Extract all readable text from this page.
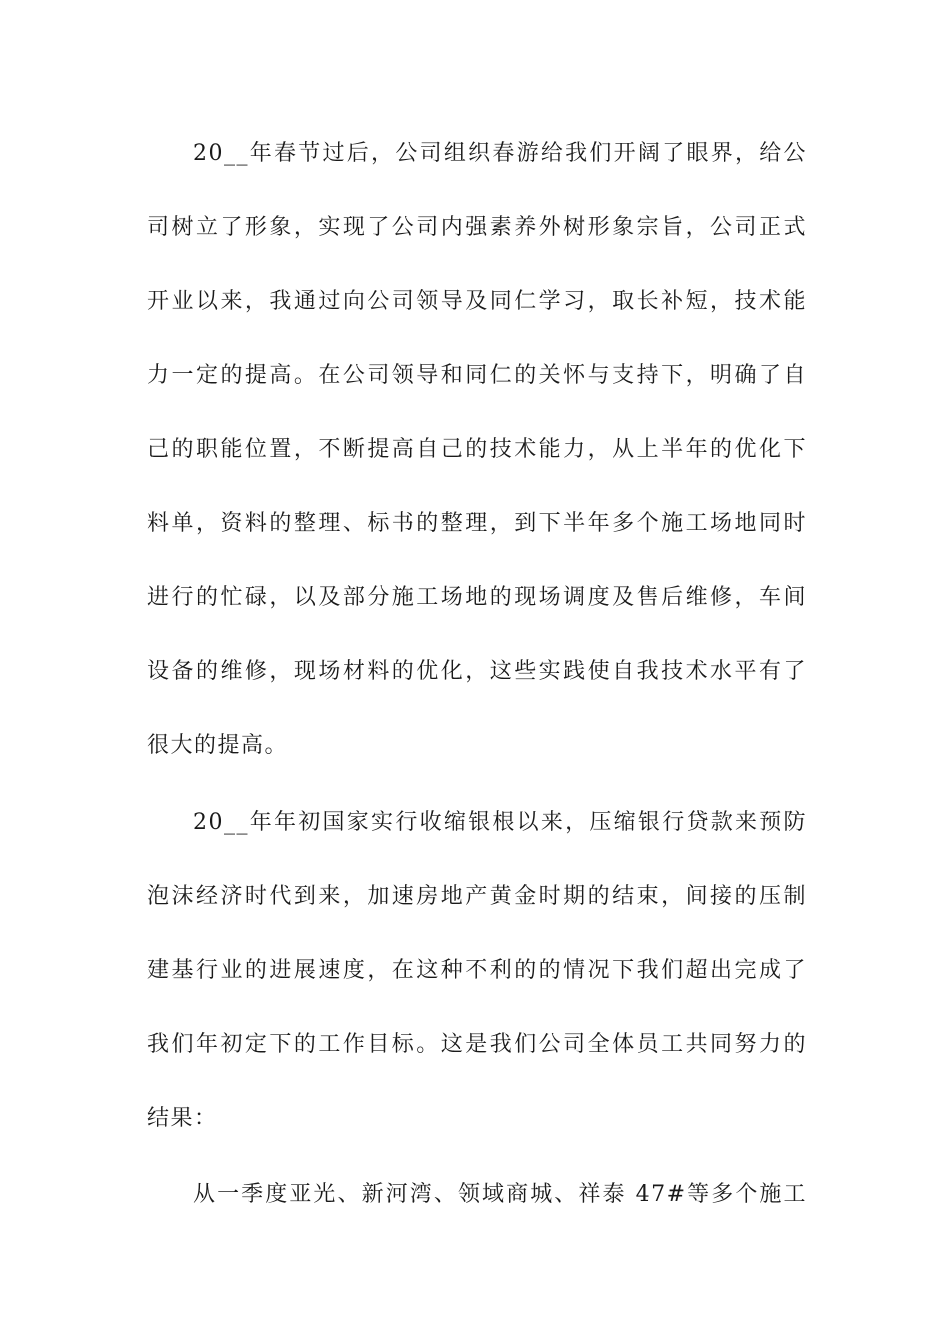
20__年春节过后，公司组织春游给我们开阔了眼界，给公
司树立了形象，实现了公司内强素养外树形象宗旨，公司正式
开业以来，我通过向公司领导及同仁学习，取长补短，技术能
力一定的提高。在公司领导和同仁的关怀与支持下，明确了自
己的职能位置，不断提高自己的技术能力，从上半年的优化下
料单，资料的整理、标书的整理，到下半年多个施工场地同时
进行的忙碌，以及部分施工场地的现场调度及售后维修，车间
设备的维修，现场材料的优化，这些实践使自我技术水平有了
很大的提高。
20__年年初国家实行收缩银根以来，压缩银行贷款来预防
泡沫经济时代到来，加速房地产黄金时期的结束，间接的压制
建基行业的进展速度，在这种不利的的情况下我们超出完成了
我们年初定下的工作目标。这是我们公司全体员工共同努力的
结果：
从一季度亚光、新河湾、领域商城、祥泰 47#等多个施工
